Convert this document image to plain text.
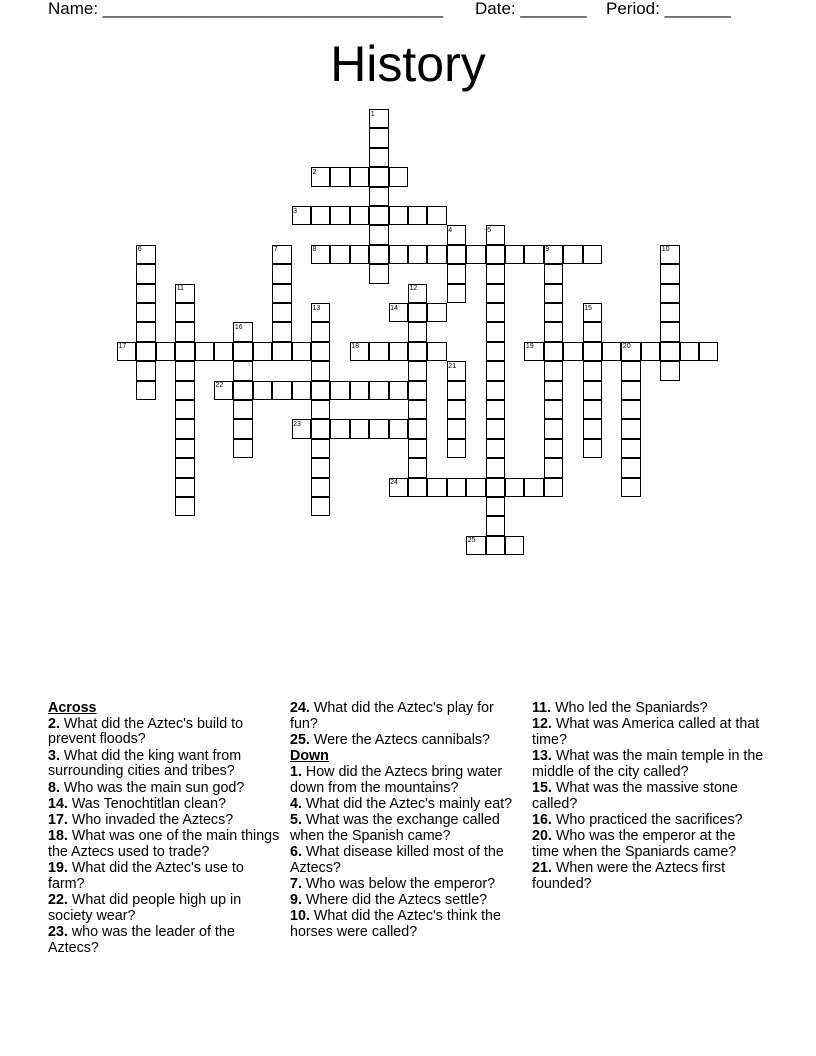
Name: ____________________________________ Date: _______ Period: _______
History
1
2
3
4	5
6	7	8	9	10
11	12
13	14	15
16
17	18	19	20
21
22
23
24
25
Across
2. What did the Aztec's build to prevent floods?
3. What did the king want from surrounding cities and tribes?
8. Who was the main sun god?
14. Was Tenochtitlan clean?
17. Who invaded the Aztecs?
18. What was one of the main things the Aztecs used to trade?
19. What did the Aztec's use to farm?
22. What did people high up in society wear?
23. who was the leader of the Aztecs?
24. What did the Aztec's play for fun?
25. Were the Aztecs cannibals?
Down
1. How did the Aztecs bring water down from the mountains?
4. What did the Aztec's mainly eat?
5. What was the exchange called when the Spanish came?
6. What disease killed most of the Aztecs?
7. Who was below the emperor?
9. Where did the Aztecs settle?
10. What did the Aztec's think the horses were called?
11. Who led the Spaniards?
12. What was America called at that time?
13. What was the main temple in the middle of the city called?
15. What was the massive stone called?
16. Who practiced the sacrifices?
20. Who was the emperor at the time when the Spaniards came?
21. When were the Aztecs first founded?
